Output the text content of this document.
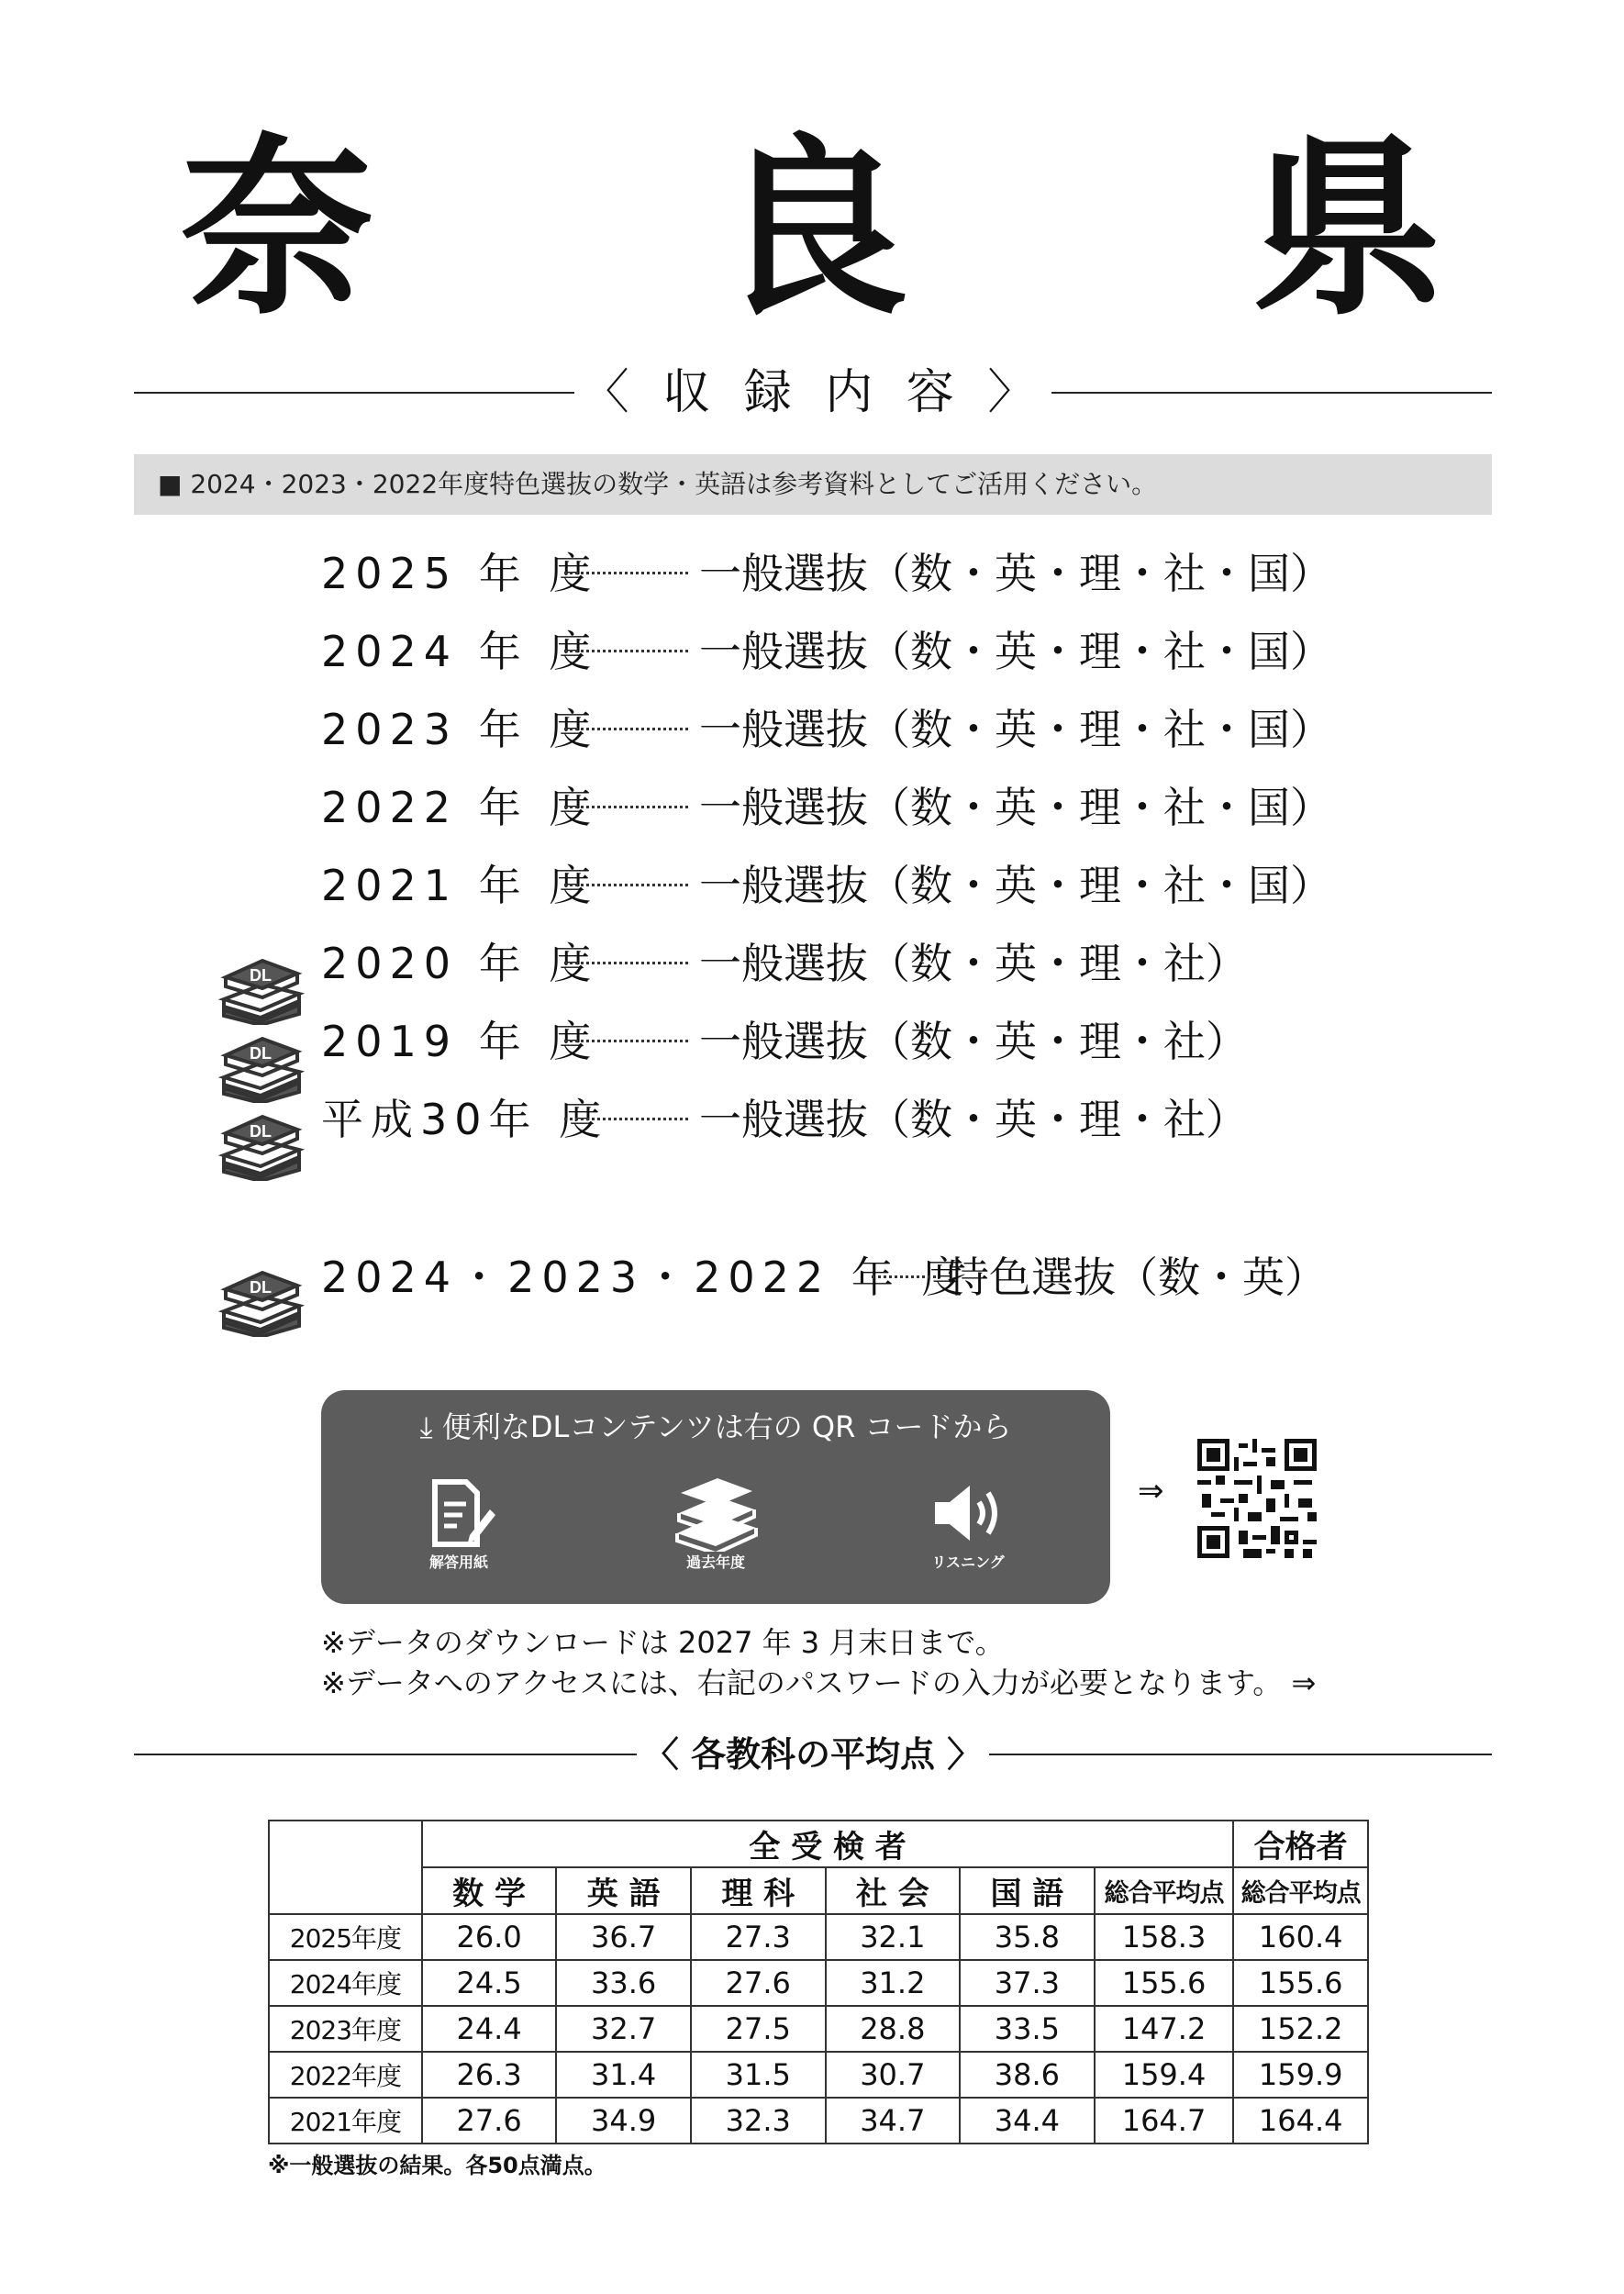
奈 良 県
〈 収 録 内 容 〉
■ 2024・2023・2022年度特色選抜の数学・英語は参考資料としてご活用ください。
2025 年 度 一般選抜（数・英・理・社・国）
2024 年 度 一般選抜（数・英・理・社・国）
2023 年 度 一般選抜（数・英・理・社・国）
2022 年 度 一般選抜（数・英・理・社・国）
2021 年 度 一般選抜（数・英・理・社・国）
2020 年 度 一般選抜（数・英・理・社）
2019 年 度 一般選抜（数・英・理・社）
平成30年 度 一般選抜（数・英・理・社）
2024・2023・2022 年 度特色選抜（数・英）
DL
DL
DL
DL
⤓ 便利なDLコンテンツは右の QR コードから
解答用紙	過去年度	リスニング
⇒
※データのダウンロードは 2027 年 3 月末日まで。
※データへのアクセスには、右記のパスワードの入力が必要となります。 ⇒
〈 各教科の平均点 〉
	全 受 検 者						合格者
	数 学	英 語	理 科	社 会	国 語	総合平均点	総合平均点
2025年度	26.0	36.7	27.3	32.1	35.8	158.3	160.4
2024年度	24.5	33.6	27.6	31.2	37.3	155.6	155.6
2023年度	24.4	32.7	27.5	28.8	33.5	147.2	152.2
2022年度	26.3	31.4	31.5	30.7	38.6	159.4	159.9
2021年度	27.6	34.9	32.3	34.7	34.4	164.7	164.4
※一般選抜の結果。各50点満点。
